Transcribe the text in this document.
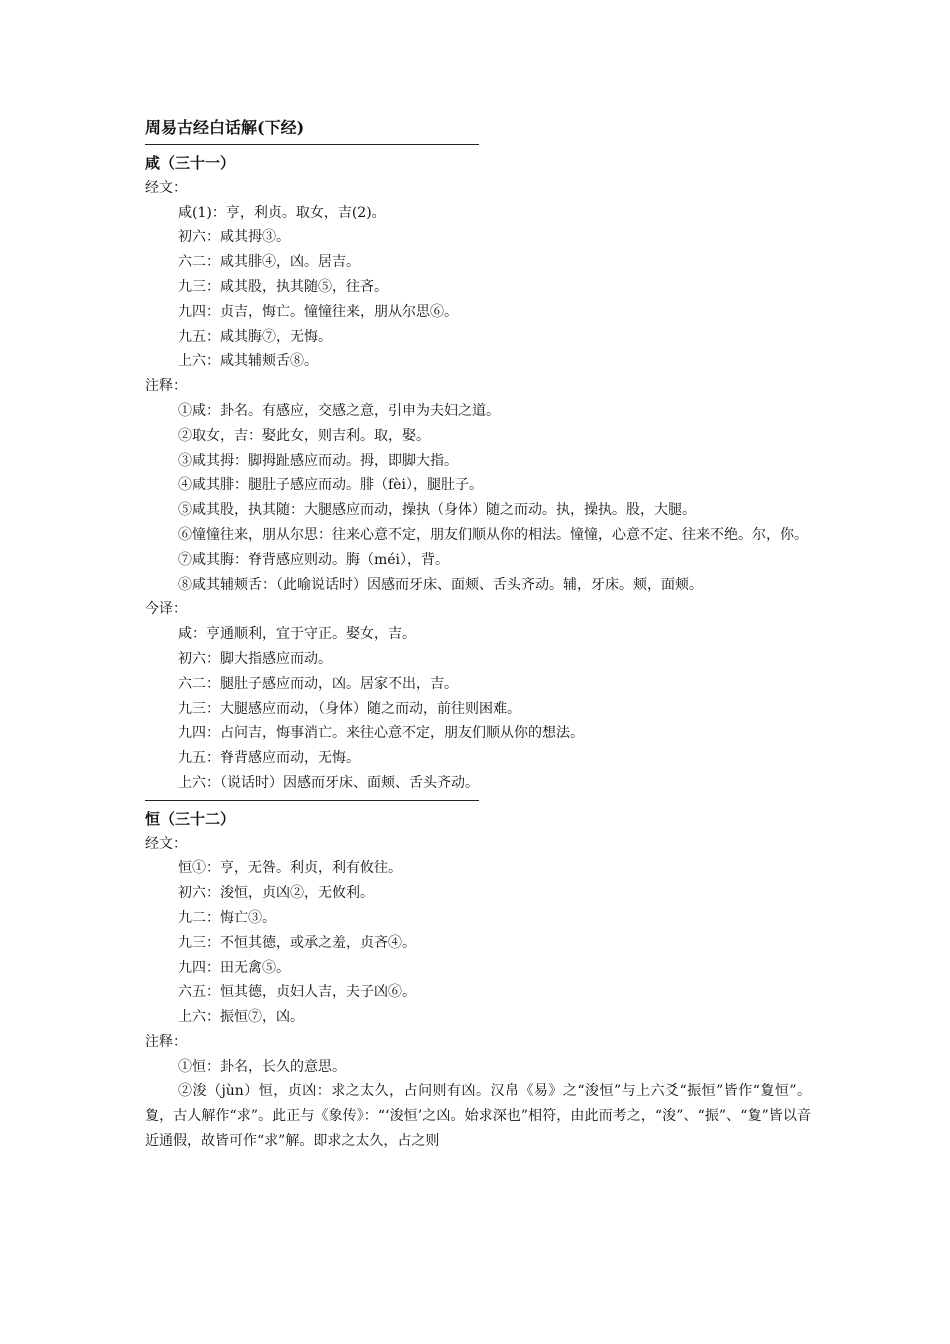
周易古经白话解(下经)
咸（三十一）
经文：

咸(1)：亨，利贞。取女，吉(2)。

初六：咸其拇③。

六二：咸其腓④，凶。居吉。

九三：咸其股，执其随⑤，往吝。

九四：贞吉，悔亡。憧憧往来，朋从尔思⑥。

九五：咸其脢⑦，无悔。

上六：咸其辅颊舌⑧。

注释：

①咸：卦名。有感应，交感之意，引申为夫妇之道。

②取女，吉：娶此女，则吉利。取，娶。

③咸其拇：脚拇趾感应而动。拇，即脚大指。

④咸其腓：腿肚子感应而动。腓（fèi），腿肚子。

⑤咸其股，执其随：大腿感应而动，操执（身体）随之而动。执，操执。股，大腿。

⑥憧憧往来，朋从尔思：往来心意不定，朋友们顺从你的相法。憧憧，心意不定、往来不绝。尔，你。

⑦咸其脢：脊背感应则动。脢（méi），背。

⑧咸其辅颊舌：（此喻说话时）因感而牙床、面颊、舌头齐动。辅，牙床。颊，面颊。

今译：

咸：亨通顺利，宜于守正。娶女，吉。

初六：脚大指感应而动。

六二：腿肚子感应而动，凶。居家不出，吉。

九三：大腿感应而动，（身体）随之而动，前往则困难。

九四：占问吉，悔事消亡。来往心意不定，朋友们顺从你的想法。

九五：脊背感应而动，无悔。

上六：（说话时）因感而牙床、面颊、舌头齐动。

恒（三十二）
经文：

恒①：亨，无咎。利贞，利有攸往。

初六：浚恒，贞凶②，无攸利。

九二：悔亡③。

九三：不恒其德，或承之羞，贞吝④。

九四：田无禽⑤。

六五：恒其德，贞妇人吉，夫子凶⑥。

上六：振恒⑦，凶。

注释：

①恒：卦名，长久的意思。

②浚（jùn）恒，贞凶：求之太久，占问则有凶。汉帛《易》之“浚恒”与上六爻“振恒”皆作“夐恒”。 夐，古人解作“求”。此正与《象传》：“‘浚恒’之凶。始求深也”相符，由此而考之，“浚”、“振”、“夐”皆以音近通假，故皆可作“求”解。即求之太久，占之则
